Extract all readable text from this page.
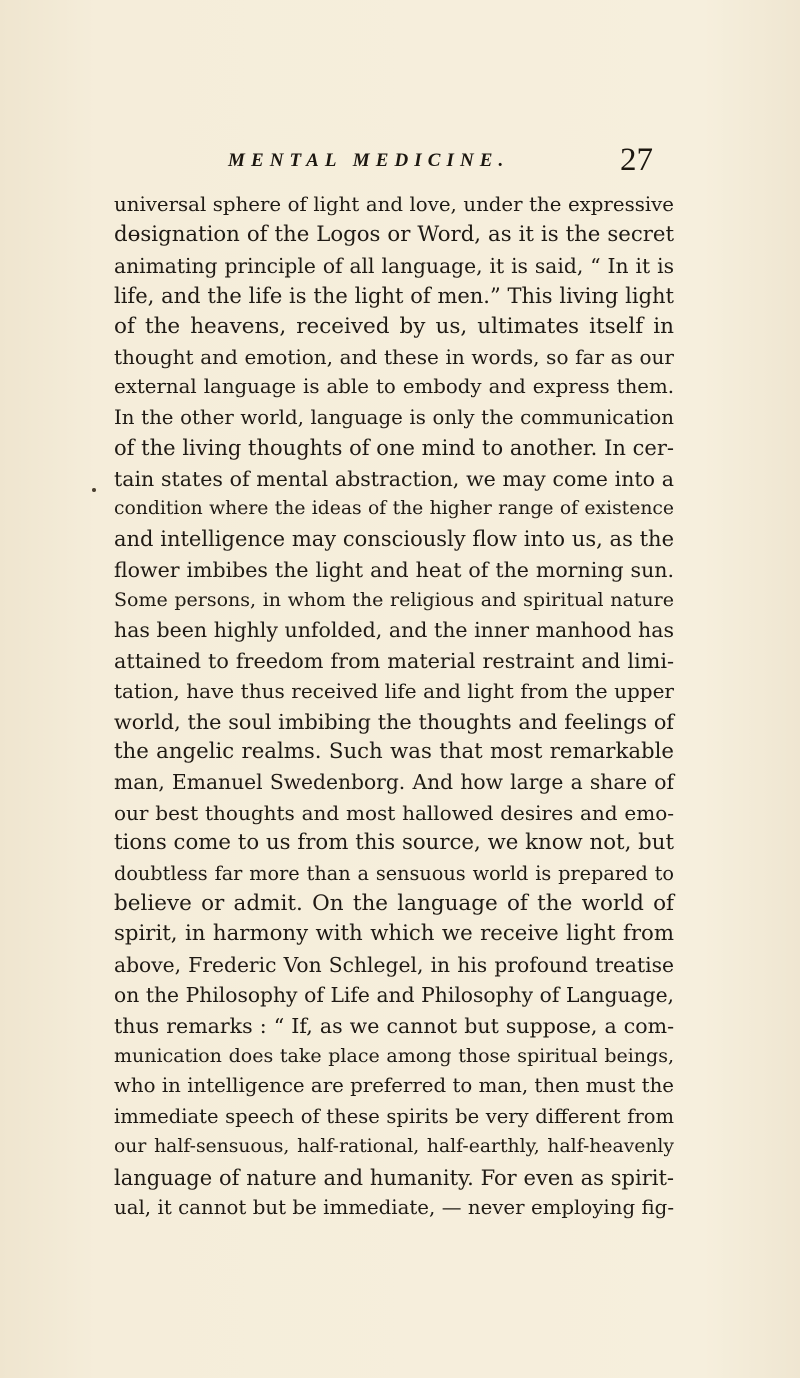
MENTAL MEDICINE.	27
universal sphere of light and love, under the expressive
dɵsignation of the Logos or Word, as it is the secret
animating principle of all language, it is said, “ In it is
life, and the life is the light of men.” This living light
of the heavens, received by us, ultimates itself in
thought and emotion, and these in words, so far as our
external language is able to embody and express them.
In the other world, language is only the communication
of the living thoughts of one mind to another. In cer-
tain states of mental abstraction, we may come into a
condition where the ideas of the higher range of existence
and intelligence may consciously flow into us, as the
flower imbibes the light and heat of the morning sun.
Some persons, in whom the religious and spiritual nature
has been highly unfolded, and the inner manhood has
attained to freedom from material restraint and limi-
tation, have thus received life and light from the upper
world, the soul imbibing the thoughts and feelings of
the angelic realms. Such was that most remarkable
man, Emanuel Swedenborg. And how large a share of
our best thoughts and most hallowed desires and emo-
tions come to us from this source, we know not, but
doubtless far more than a sensuous world is prepared to
believe or admit. On the language of the world of
spirit, in harmony with which we receive light from
above, Frederic Von Schlegel, in his profound treatise
on the Philosophy of Life and Philosophy of Language,
thus remarks : “ If, as we cannot but suppose, a com-
munication does take place among those spiritual beings,
who in intelligence are preferred to man, then must the
immediate speech of these spirits be very different from
our half-sensuous, half-rational, half-earthly, half-heavenly
language of nature and humanity. For even as spirit-
ual, it cannot but be immediate, — never employing fig-
